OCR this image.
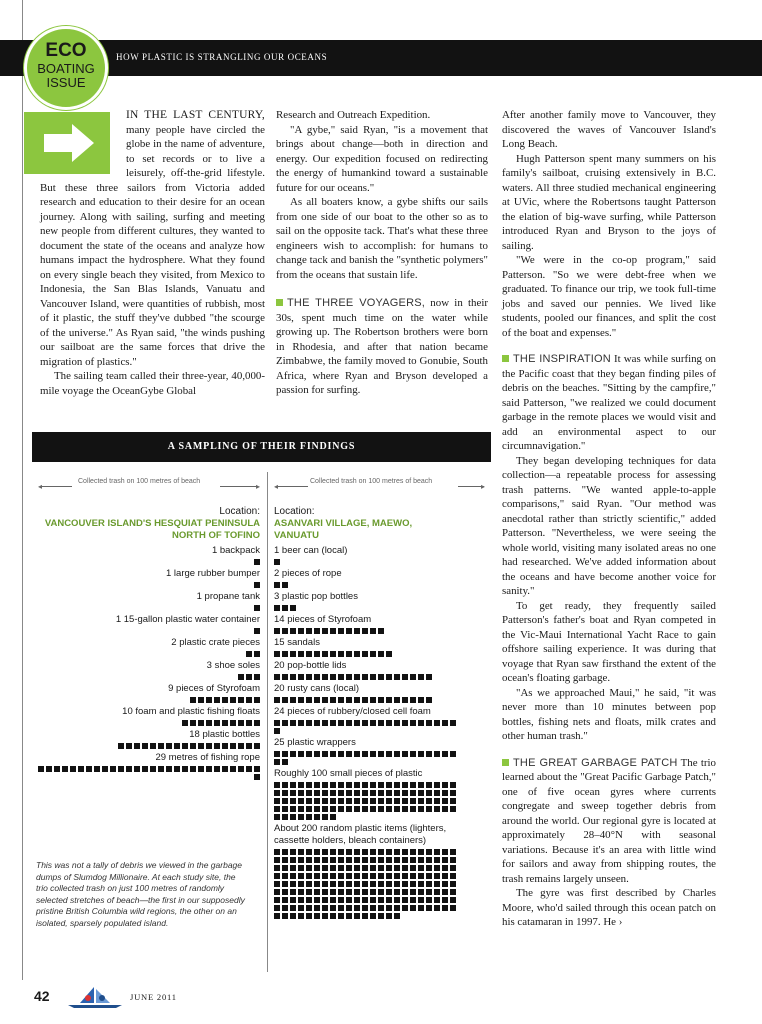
HOW PLASTIC IS STRANGLING OUR OCEANS
ECO
BOATING
ISSUE

IN THE LAST CENTURY, many people have circled the globe in the name of adventure, to set records or to live a leisurely, off-the-grid lifestyle. But these three sailors from Victoria added research and education to their desire for an ocean journey. Along with sailing, surfing and meeting new people from different cultures, they wanted to document the state of the oceans and analyze how humans impact the hydrosphere. What they found on every single beach they visited, from Mexico to Indonesia, the San Blas Islands, Vanuatu and Vancouver Island, were quantities of rubbish, most of it plastic, the stuff they've dubbed "the scourge of the universe." As Ryan said, "the winds pushing our sailboat are the same forces that drive the migration of plastics."

The sailing team called their three-year, 40,000-mile voyage the OceanGybe Global

Research and Outreach Expedition.

"A gybe," said Ryan, "is a movement that brings about change—both in direction and energy. Our expedition focused on redirecting the energy of humankind toward a sustainable future for our oceans."

As all boaters know, a gybe shifts our sails from one side of our boat to the other so as to sail on the opposite tack. That's what these three engineers wish to accomplish: for humans to change tack and banish the "synthetic polymers" from the oceans that sustain life.

THE THREE VOYAGERS, now in their 30s, spent much time on the water while growing up. The Robertson brothers were born in Rhodesia, and after that nation became Zimbabwe, the family moved to Gonubie, South Africa, where Ryan and Bryson developed a passion for surfing.

After another family move to Vancouver, they discovered the waves of Vancouver Island's Long Beach.

Hugh Patterson spent many summers on his family's sailboat, cruising extensively in B.C. waters. All three studied mechanical engineering at UVic, where the Robertsons taught Patterson the elation of big-wave surfing, while Patterson introduced Ryan and Bryson to the joys of sailing.

"We were in the co-op program," said Patterson. "So we were debt-free when we graduated. To finance our trip, we took full-time jobs and saved our pennies. We lived like students, pooled our finances, and split the cost of the boat and expenses."

THE INSPIRATION It was while surfing on the Pacific coast that they began finding piles of debris on the beaches. "Sitting by the campfire," said Patterson, "we realized we could document garbage in the remote places we would visit and add an environmental aspect to our circumnavigation."

They began developing techniques for data collection—a repeatable process for assessing trash patterns. "We wanted apple-to-apple comparisons," said Ryan. "Our method was anecdotal rather than strictly scientific," added Patterson. "Nevertheless, we were seeing the whole world, visiting many isolated areas no one had researched. We've added information about the oceans and have become another voice for sanity."

To get ready, they frequently sailed Patterson's father's boat and Ryan competed in the Vic-Maui International Yacht Race to gain offshore sailing experience. It was during that voyage that Ryan saw firsthand the extent of the ocean's floating garbage.

"As we approached Maui," he said, "it was never more than 10 minutes between pop bottles, fishing nets and floats, milk crates and other human trash."

THE GREAT GARBAGE PATCH The trio learned about the "Great Pacific Garbage Patch," one of five ocean gyres where currents congregate and sweep together debris from around the world. Our regional gyre is located at approximately 28–40°N with seasonal variations. Because it's an area with little wind for sailors and away from shipping routes, the trash remains largely unseen.

The gyre was first described by Charles Moore, who'd sailed through this ocean patch on his catamaran in 1997. He ›

A SAMPLING OF THEIR FINDINGS
Collected trash on 100 metres of beach
◂	▸
Collected trash on 100 metres of beach
◂	▸
Location:
VANCOUVER ISLAND'S HESQUIAT PENINSULA NORTH OF TOFINO
Location:
ASANVARI VILLAGE, MAEWO, VANUATU
1 backpack
1 large rubber bumper
1 propane tank
1 15-gallon plastic water container
2 plastic crate pieces
3 shoe soles
9 pieces of Styrofoam
10 foam and plastic fishing floats
18 plastic bottles
29 metres of fishing rope
1 beer can (local)
2 pieces of rope
3 plastic pop bottles
14 pieces of Styrofoam
15 sandals
20 pop-bottle lids
20 rusty cans (local)
24 pieces of rubbery/closed cell foam
25 plastic wrappers
Roughly 100 small pieces of plastic
About 200 random plastic items (lighters, cassette holders, bleach containers)
This was not a tally of debris we viewed in the garbage dumps of Slumdog Millionaire. At each study site, the trio collected trash on just 100 metres of randomly selected stretches of beach—the first in our supposedly pristine British Columbia wild regions, the other on an isolated, sparsely populated island.
42	JUNE 2011
